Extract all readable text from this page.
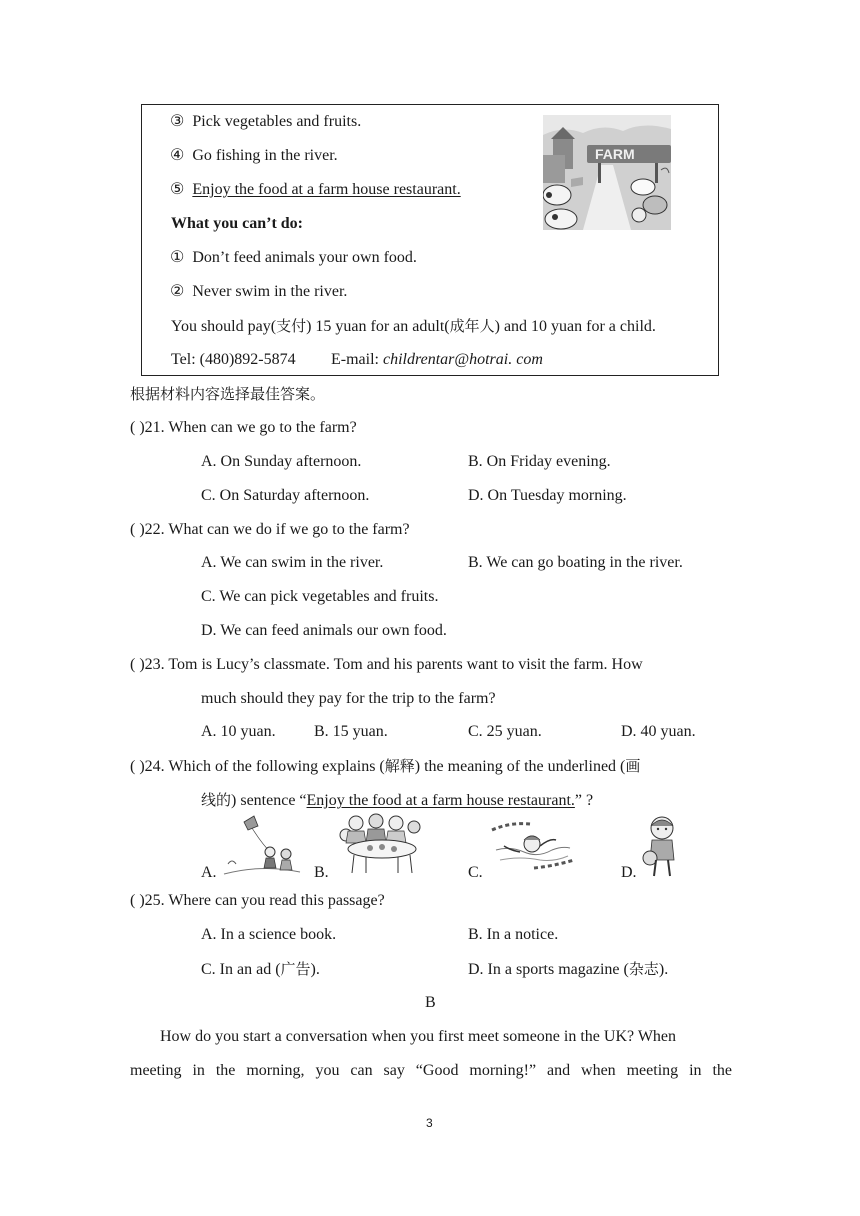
③ Pick vegetables and fruits.
④ Go fishing in the river.
⑤ Enjoy the food at a farm house restaurant.
What you can’t do:
① Don’t feed animals your own food.
② Never swim in the river.
You should pay(支付) 15 yuan for an adult(成年人) and 10 yuan for a child.
Tel: (480)892-5874 E-mail: childrentar@hotrai. com
FARM
根据材料内容选择最佳答案。
( )21. When can we go to the farm?
A. On Sunday afternoon.	B. On Friday evening.
C. On Saturday afternoon.	D. On Tuesday morning.
( )22. What can we do if we go to the farm?
A. We can swim in the river.	B. We can go boating in the river.
C. We can pick vegetables and fruits.
D. We can feed animals our own food.
( )23. Tom is Lucy’s classmate. Tom and his parents want to visit the farm. How
much should they pay for the trip to the farm?
A. 10 yuan. B. 15 yuan.	C. 25 yuan.	D. 40 yuan.
( )24. Which of the following explains (解释) the meaning of the underlined (画
线的) sentence “Enjoy the food at a farm house restaurant.” ?
A.	B.	C.	D.
( )25. Where can you read this passage?
A. In a science book.	B. In a notice.
C. In an ad (广告).	D. In a sports magazine (杂志).
B
How do you start a conversation when you first meet someone in the UK? When
meeting in the morning, you can say “Good morning!” and when meeting in the
3
